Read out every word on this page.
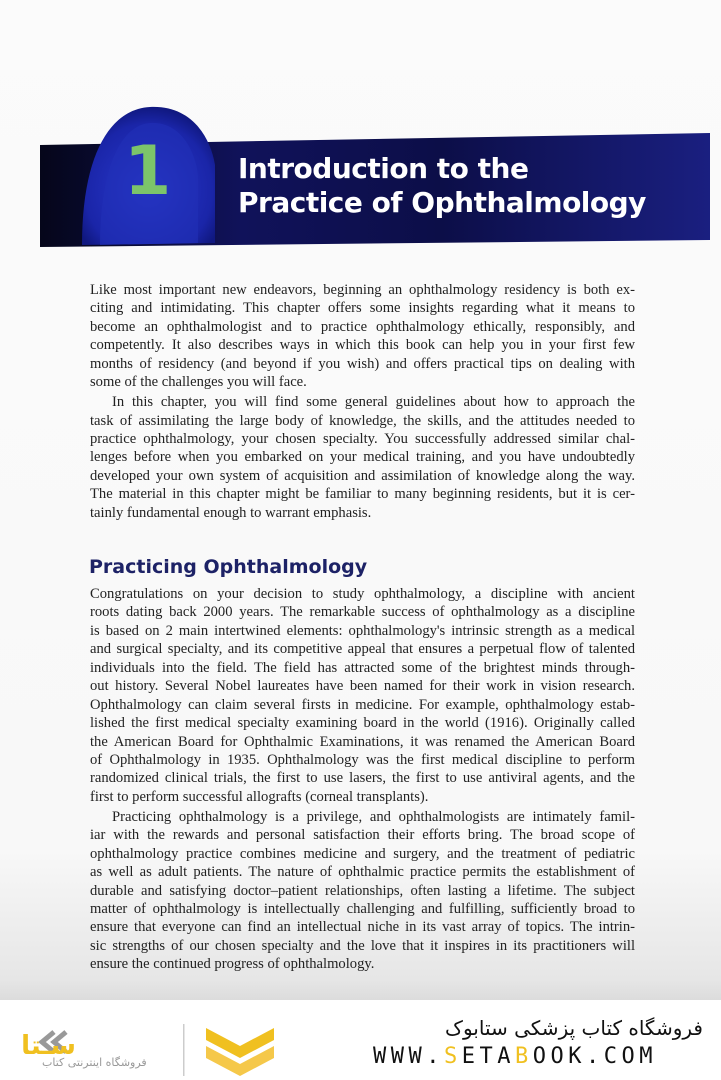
1 Introduction to the
Practice of Ophthalmology
Like most important new endeavors, beginning an ophthalmology residency is both ex-
citing and intimidating. This chapter offers some insights regarding what it means to
become an ophthalmologist and to practice ophthalmology ethically, responsibly, and
competently. It also describes ways in which this book can help you in your first few
months of residency (and beyond if you wish) and offers practical tips on dealing with
some of the challenges you will face.
In this chapter, you will find some general guidelines about how to approach the
task of assimilating the large body of knowledge, the skills, and the attitudes needed to
practice ophthalmology, your chosen specialty. You successfully addressed similar chal-
lenges before when you embarked on your medical training, and you have undoubtedly
developed your own system of acquisition and assimilation of knowledge along the way.
The material in this chapter might be familiar to many beginning residents, but it is cer-
tainly fundamental enough to warrant emphasis.
Practicing Ophthalmology
Congratulations on your decision to study ophthalmology, a discipline with ancient
roots dating back 2000 years. The remarkable success of ophthalmology as a discipline
is based on 2 main intertwined elements: ophthalmology's intrinsic strength as a medical
and surgical specialty, and its competitive appeal that ensures a perpetual flow of talented
individuals into the field. The field has attracted some of the brightest minds through-
out history. Several Nobel laureates have been named for their work in vision research.
Ophthalmology can claim several firsts in medicine. For example, ophthalmology estab-
lished the first medical specialty examining board in the world (1916). Originally called
the American Board for Ophthalmic Examinations, it was renamed the American Board
of Ophthalmology in 1935. Ophthalmology was the first medical discipline to perform
randomized clinical trials, the first to use lasers, the first to use antiviral agents, and the
first to perform successful allografts (corneal transplants).
Practicing ophthalmology is a privilege, and ophthalmologists are intimately famil-
iar with the rewards and personal satisfaction their efforts bring. The broad scope of
ophthalmology practice combines medicine and surgery, and the treatment of pediatric
as well as adult patients. The nature of ophthalmic practice permits the establishment of
durable and satisfying doctor–patient relationships, often lasting a lifetime. The subject
matter of ophthalmology is intellectually challenging and fulfilling, sufficiently broad to
ensure that everyone can find an intellectual niche in its vast array of topics. The intrin-
sic strengths of our chosen specialty and the love that it inspires in its practitioners will
ensure the continued progress of ophthalmology.
سـتا
فروشگاه اینترنتی کتاب
فروشگاه کتاب پزشکی ستابوک
WWW.SETABOOK.COM
